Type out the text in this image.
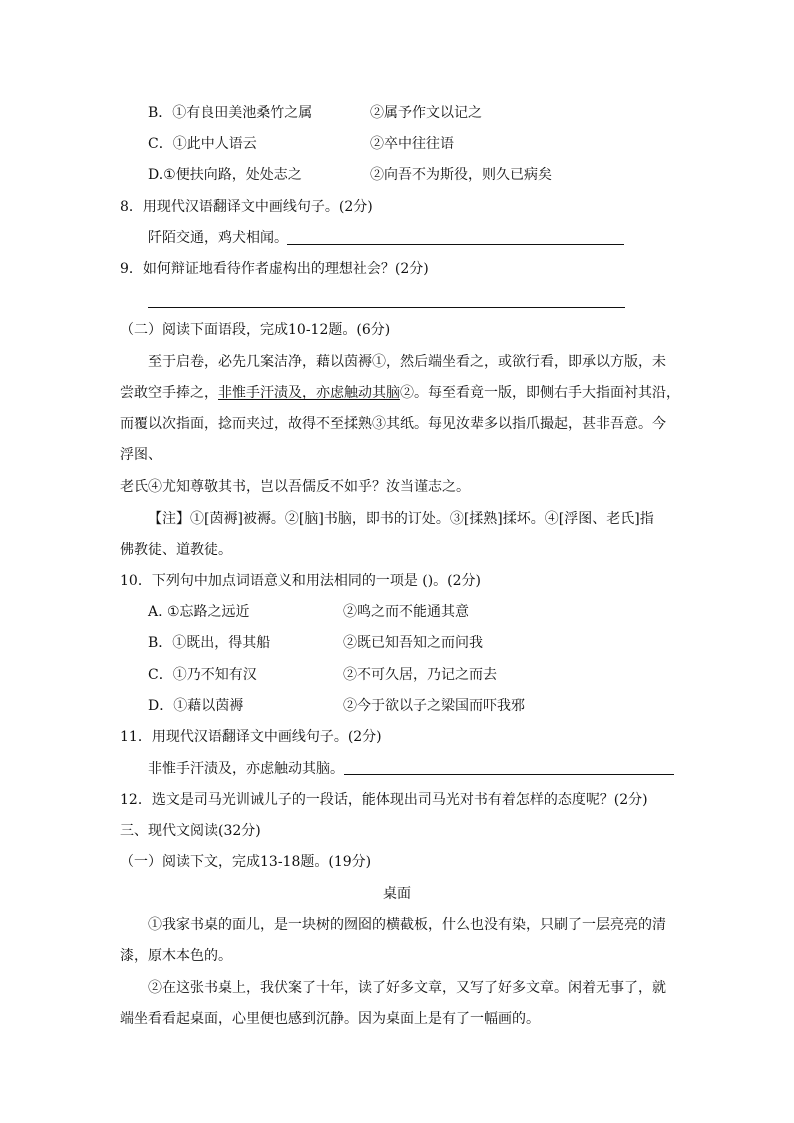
B．①有良田美池桑竹之属	②属予作文以记之
C．①此中人语云	②卒中往往语
D.①便扶向路，处处志之	②向吾不为斯役，则久已病矣
8．用现代汉语翻译文中画线句子。(2分)
阡陌交通，鸡犬相闻。
9．如何辩证地看待作者虚构出的理想社会？(2分)
（二）阅读下面语段，完成10-12题。(6分)
至于启卷，必先几案洁净，藉以茵褥①，然后端坐看之，或欲行看，即承以方版，未
尝敢空手捧之，非惟手汗渍及，亦虑触动其脑②。每至看竟一版，即侧右手大指面衬其沿，
而覆以次指面，捻而夹过，故得不至揉熟③其纸。每见汝辈多以指爪撮起，甚非吾意。今
浮图、
老氏④尤知尊敬其书，岂以吾儒反不如乎？汝当谨志之。
【注】①[茵褥]被褥。②[脑]书脑，即书的订处。③[揉熟]揉坏。④[浮图、老氏]指
佛教徒、道教徒。
10．下列句中加点词语意义和用法相同的一项是 ()。(2分)
A. ①忘路之远近	②鸣之而不能通其意
B．①既出，得其船	②既已知吾知之而问我
C．①乃不知有汉	②不可久居，乃记之而去
D．①藉以茵褥	②今于欲以子之梁国而吓我邪
11．用现代汉语翻译文中画线句子。(2分)
非惟手汗渍及，亦虑触动其脑。
12．选文是司马光训诫儿子的一段话，能体现出司马光对书有着怎样的态度呢？(2分)
三、现代文阅读(32分)
（一）阅读下文，完成13-18题。(19分)
桌面
①我家书桌的面儿，是一块树的囫囵的横截板，什么也没有染，只刷了一层亮亮的清
漆，原木本色的。
②在这张书桌上，我伏案了十年，读了好多文章，又写了好多文章。闲着无事了，就
端坐看看起桌面，心里便也感到沉静。因为桌面上是有了一幅画的。
